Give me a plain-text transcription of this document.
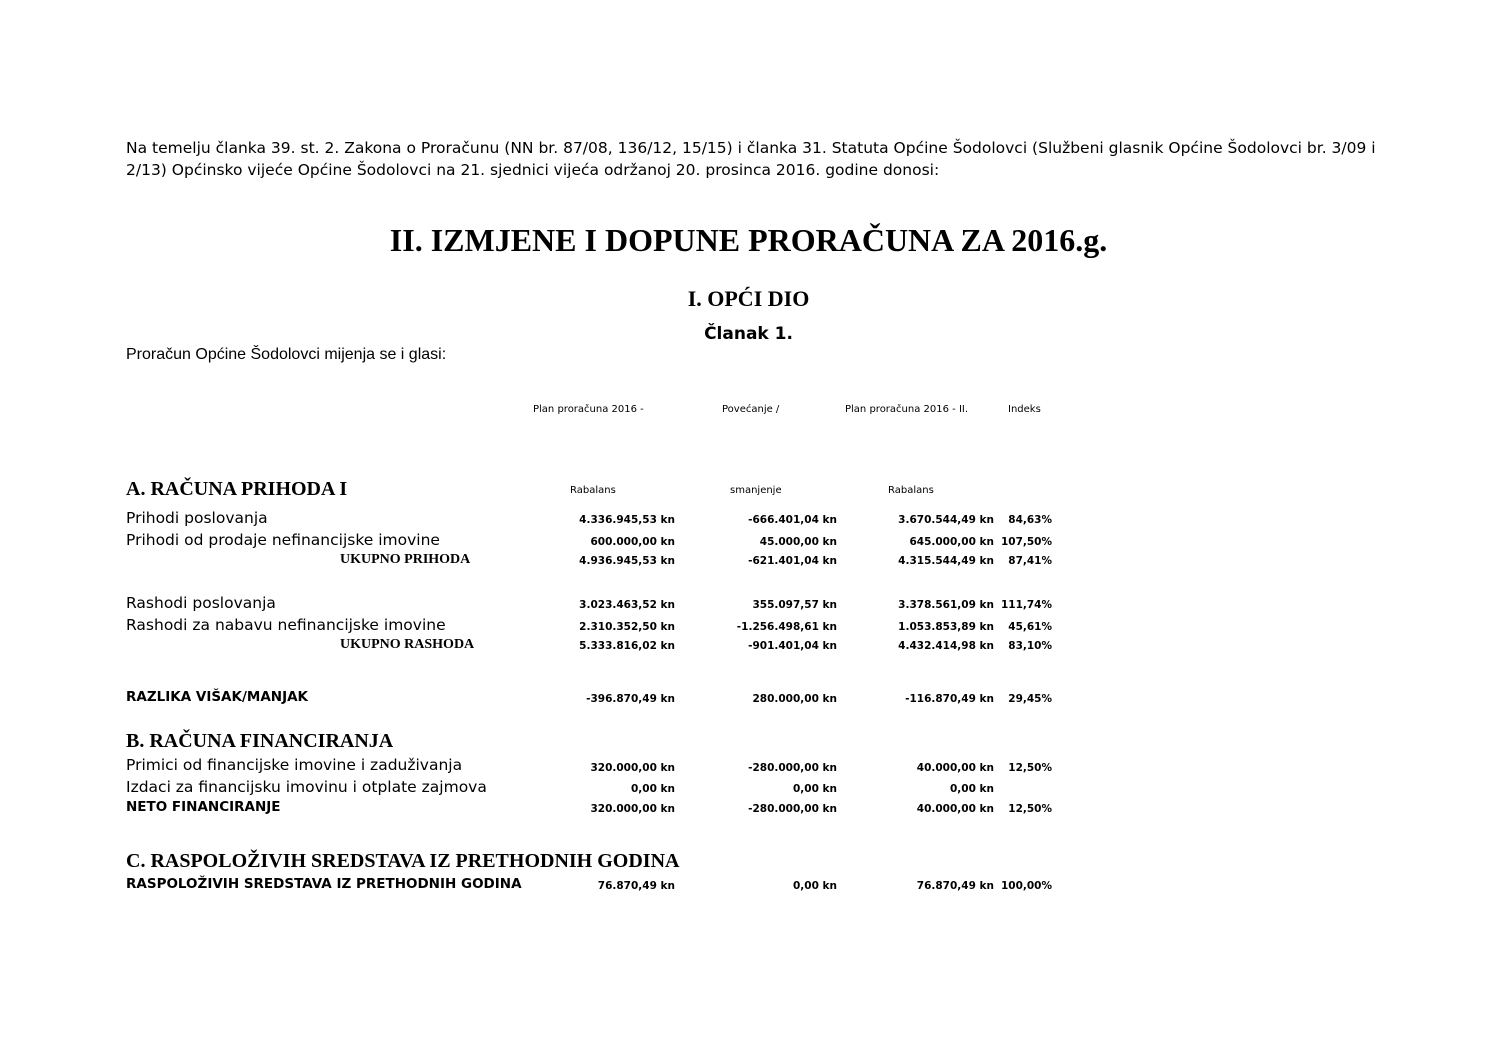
Na temelju članka 39. st. 2. Zakona o Proračunu (NN br. 87/08, 136/12, 15/15) i članka 31. Statuta Općine Šodolovci (Službeni glasnik Općine Šodolovci br. 3/09 i 2/13) Općinsko vijeće Općine Šodolovci na 21. sjednici vijeća održanoj 20. prosinca 2016. godine donosi:
II. IZMJENE I DOPUNE PRORAČUNA ZA 2016.g.
I. OPĆI DIO
Članak 1.
Proračun Općine Šodolovci mijenja se i glasi:
Plan proračuna 2016 -	Povećanje /	Plan proračuna 2016 - II.	Indeks
A. RAČUNA PRIHODA I	Rabalans	smanjenje	Rabalans
Prihodi poslovanja	4.336.945,53 kn	-666.401,04 kn	3.670.544,49 kn 84,63%
Prihodi od prodaje nefinancijske imovine	600.000,00 kn	45.000,00 kn	645.000,00 kn 107,50%
UKUPNO PRIHODA	4.936.945,53 kn	-621.401,04 kn	4.315.544,49 kn 87,41%
Rashodi poslovanja	3.023.463,52 kn	355.097,57 kn	3.378.561,09 kn 111,74%
Rashodi za nabavu nefinancijske imovine	2.310.352,50 kn	-1.256.498,61 kn	1.053.853,89 kn 45,61%
UKUPNO RASHODA	5.333.816,02 kn	-901.401,04 kn	4.432.414,98 kn 83,10%
RAZLIKA VIŠAK/MANJAK	-396.870,49 kn	280.000,00 kn	-116.870,49 kn 29,45%
B. RAČUNA FINANCIRANJA
Primici od financijske imovine i zaduživanja	320.000,00 kn	-280.000,00 kn	40.000,00 kn 12,50%
Izdaci za financijsku imovinu i otplate zajmova	0,00 kn	0,00 kn	0,00 kn
NETO FINANCIRANJE	320.000,00 kn	-280.000,00 kn	40.000,00 kn 12,50%
C. RASPOLOŽIVIH SREDSTAVA IZ PRETHODNIH GODINA
RASPOLOŽIVIH SREDSTAVA IZ PRETHODNIH GODINA	76.870,49 kn	0,00 kn	76.870,49 kn 100,00%
